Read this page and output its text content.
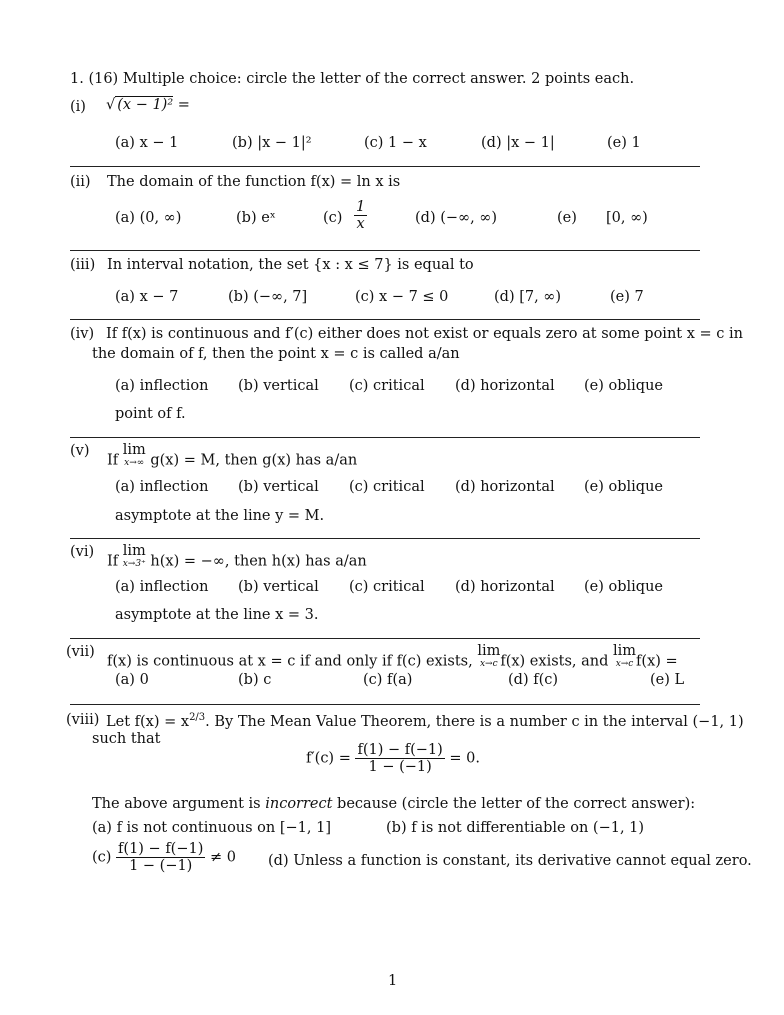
1. (16) Multiple choice: circle the letter of the correct answer. 2 points each.
(i) √ (x − 1)² =
(a) x − 1	(b) |x − 1|²	(c) 1 − x	(d) |x − 1|	(e) 1
(ii) The domain of the function f(x) = ln x is
(a) (0, ∞)	(b) eˣ	$(c) \frac{1}{x}$	(d) (−∞, ∞)	(e) [0, ∞)
(iii) In interval notation, the set {x : x ≤ 7} is equal to
(a) x − 7	(b) (−∞, 7]	(c) x − 7 ≤ 0	(d) [7, ∞)	(e) 7
(iv) If f(x) is continuous and f′(c) either does not exist or equals zero at some point x = c in
the domain of f, then the point x = c is called a/an
(a) inflection (b) vertical (c) critical (d) horizontal (e) oblique
point of f.
(v)
If lim
x→∞ g(x) = M, then g(x) has a/an
(a) inflection (b) vertical (c) critical (d) horizontal (e) oblique
asymptote at the line y = M.
(vi)
If lim
x→3⁺ h(x) = −∞, then h(x) has a/an
(a) inflection (b) vertical (c) critical (d) horizontal (e) oblique
asymptote at the line x = 3.
(vii)
f(x) is continuous at x = c if and only if f(c) exists, lim
x→c f(x) exists, and lim
x→c f(x) =
(a) 0	(b) c	(c) f(a)	(d) f(c)	(e) L
(viii) Let $f(x) = x^{2/3}$. By The Mean Value Theorem, there is a number c in the interval (−1, 1)
such that
$f'(c) = \frac{f(1) - f(-1)}{1 - (-1)} = 0$.
The above argument is incorrect because (circle the letter of the correct answer):
(a) f is not continuous on [−1, 1]	(b) f is not differentiable on (−1, 1)
$(c) \frac{f(1) - f(-1)}{1 - (-1)} \ne 0$ (d) Unless a function is constant, its derivative cannot equal zero.
1
